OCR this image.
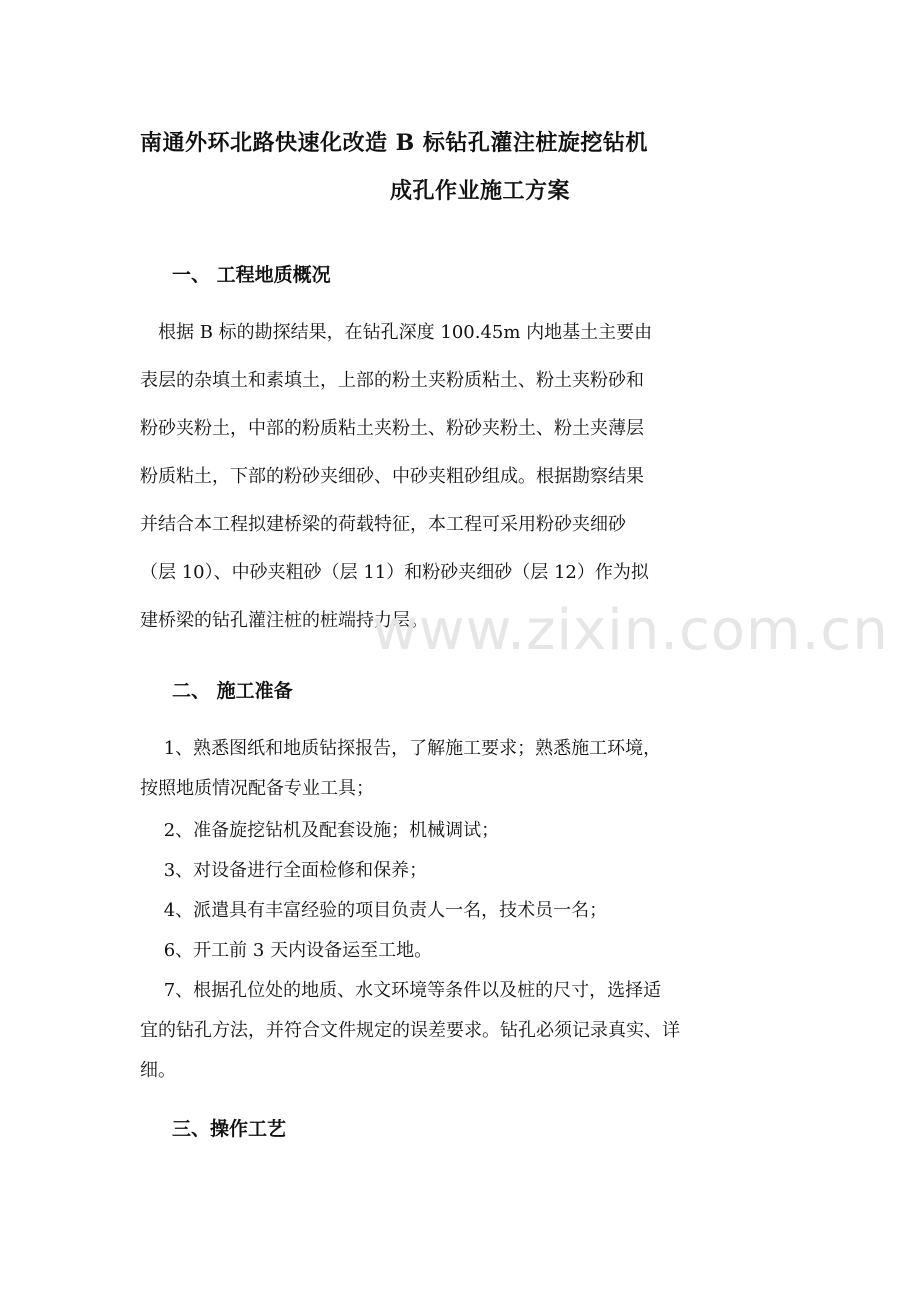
南通外环北路快速化改造 B 标钻孔灌注桩旋挖钻机
成孔作业施工方案
一、 工程地质概况
　根据 B 标的勘探结果，在钻孔深度 100.45m 内地基土主要由
表层的杂填土和素填土，上部的粉土夹粉质粘土、粉土夹粉砂和
粉砂夹粉土，中部的粉质粘土夹粉土、粉砂夹粉土、粉土夹薄层
粉质粘土，下部的粉砂夹细砂、中砂夹粗砂组成。根据勘察结果
并结合本工程拟建桥梁的荷载特征，本工程可采用粉砂夹细砂
（层 10）、中砂夹粗砂（层 11）和粉砂夹细砂（层 12）作为拟
建桥梁的钻孔灌注桩的桩端持力层。
二、 施工准备
　 1、熟悉图纸和地质钻探报告，了解施工要求；熟悉施工环境，
按照地质情况配备专业工具；
　 2、准备旋挖钻机及配套设施；机械调试；
　 3、对设备进行全面检修和保养；
　 4、派遣具有丰富经验的项目负责人一名，技术员一名；
　 6、开工前 3 天内设备运至工地。
　 7、根据孔位处的地质、水文环境等条件以及桩的尺寸，选择适
宜的钻孔方法，并符合文件规定的误差要求。钻孔必须记录真实、详
细。
三、操作工艺
www.zixin.com.cn
